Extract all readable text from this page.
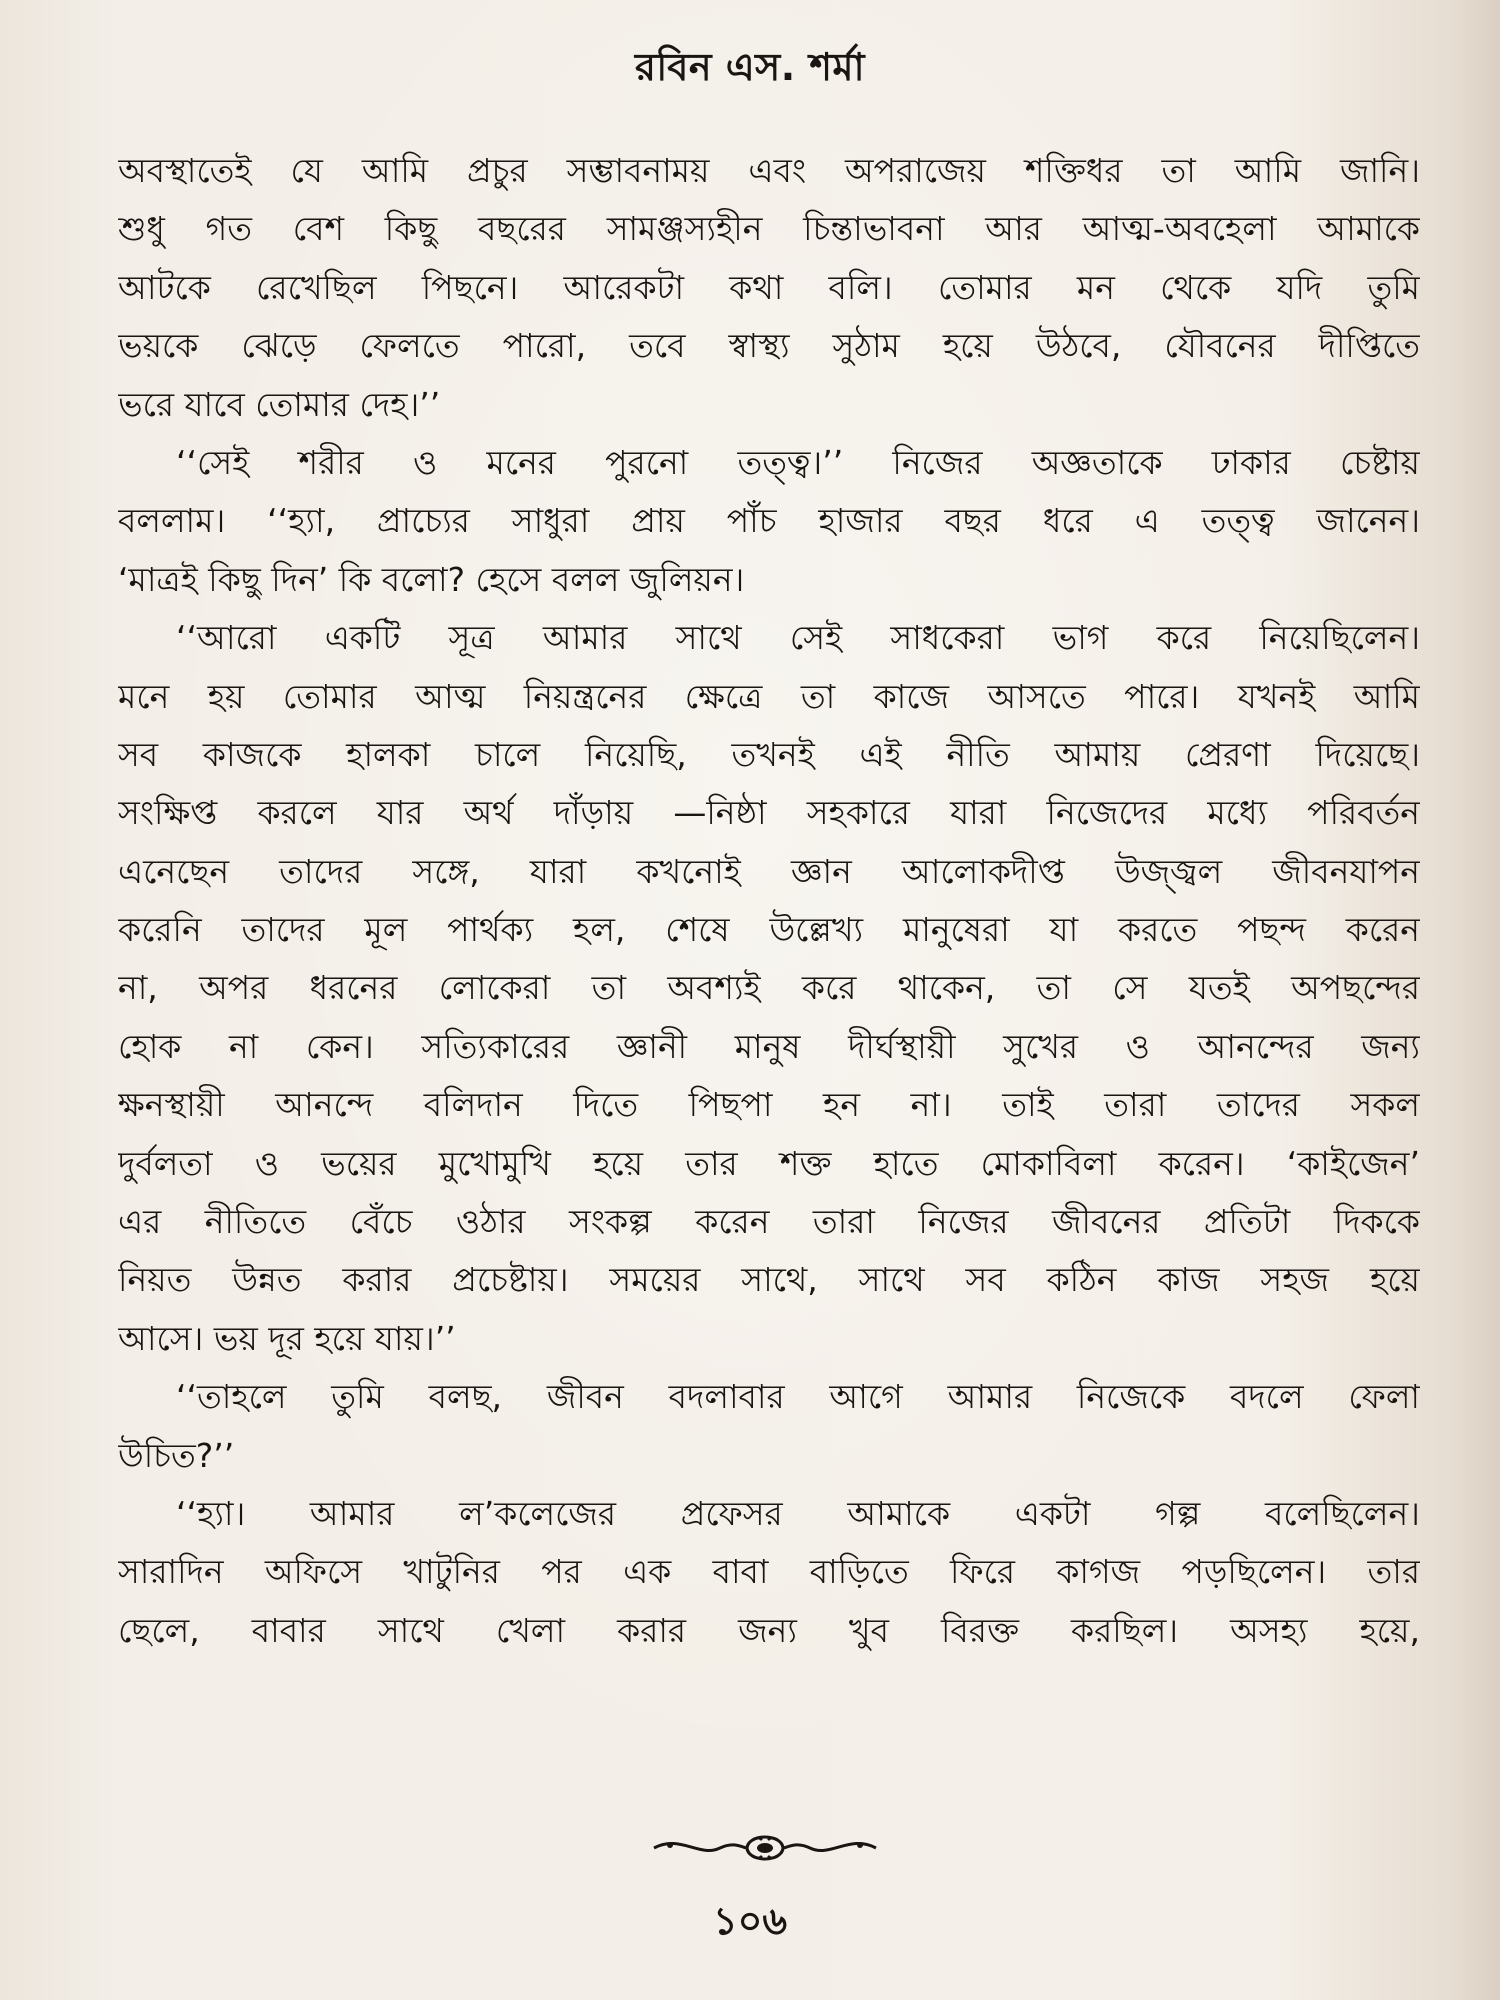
রবিন এস. শর্মা
অবস্থাতেই যে আমি প্রচুর সম্ভাবনাময় এবং অপরাজেয় শক্তিধর তা আমি জানি।
শুধু গত বেশ কিছু বছরের সামঞ্জস্যহীন চিন্তাভাবনা আর আত্ম-অবহেলা আমাকে
আটকে রেখেছিল পিছনে। আরেকটা কথা বলি। তোমার মন থেকে যদি তুমি
ভয়কে ঝেড়ে ফেলতে পারো, তবে স্বাস্থ্য সুঠাম হয়ে উঠবে, যৌবনের দীপ্তিতে
ভরে যাবে তোমার দেহ।’’
‘‘সেই শরীর ও মনের পুরনো তত্ত্ব।’’ নিজের অজ্ঞতাকে ঢাকার চেষ্টায়
বললাম। ‘‘হ্যা, প্রাচ্যের সাধুরা প্রায় পাঁচ হাজার বছর ধরে এ তত্ত্ব জানেন।
‘মাত্রই কিছু দিন’ কি বলো? হেসে বলল জুলিয়ন।
‘‘আরো একটি সূত্র আমার সাথে সেই সাধকেরা ভাগ করে নিয়েছিলেন।
মনে হয় তোমার আত্ম নিয়ন্ত্রনের ক্ষেত্রে তা কাজে আসতে পারে। যখনই আমি
সব কাজকে হালকা চালে নিয়েছি, তখনই এই নীতি আমায় প্রেরণা দিয়েছে।
সংক্ষিপ্ত করলে যার অর্থ দাঁড়ায় —নিষ্ঠা সহকারে যারা নিজেদের মধ্যে পরিবর্তন
এনেছেন তাদের সঙ্গে, যারা কখনোই জ্ঞান আলোকদীপ্ত উজ্জ্বল জীবনযাপন
করেনি তাদের মূল পার্থক্য হল, শেষে উল্লেখ্য মানুষেরা যা করতে পছন্দ করেন
না, অপর ধরনের লোকেরা তা অবশ্যই করে থাকেন, তা সে যতই অপছন্দের
হোক না কেন। সত্যিকারের জ্ঞানী মানুষ দীর্ঘস্থায়ী সুখের ও আনন্দের জন্য
ক্ষনস্থায়ী আনন্দে বলিদান দিতে পিছপা হন না। তাই তারা তাদের সকল
দুর্বলতা ও ভয়ের মুখোমুখি হয়ে তার শক্ত হাতে মোকাবিলা করেন। ‘কাইজেন’
এর নীতিতে বেঁচে ওঠার সংকল্প করেন তারা নিজের জীবনের প্রতিটা দিককে
নিয়ত উন্নত করার প্রচেষ্টায়। সময়ের সাথে, সাথে সব কঠিন কাজ সহজ হয়ে
আসে। ভয় দূর হয়ে যায়।’’
‘‘তাহলে তুমি বলছ, জীবন বদলাবার আগে আমার নিজেকে বদলে ফেলা
উচিত?’’
‘‘হ্যা। আমার ল’কলেজের প্রফেসর আমাকে একটা গল্প বলেছিলেন।
সারাদিন অফিসে খাটুনির পর এক বাবা বাড়িতে ফিরে কাগজ পড়ছিলেন। তার
ছেলে, বাবার সাথে খেলা করার জন্য খুব বিরক্ত করছিল। অসহ্য হয়ে,
১০৬
